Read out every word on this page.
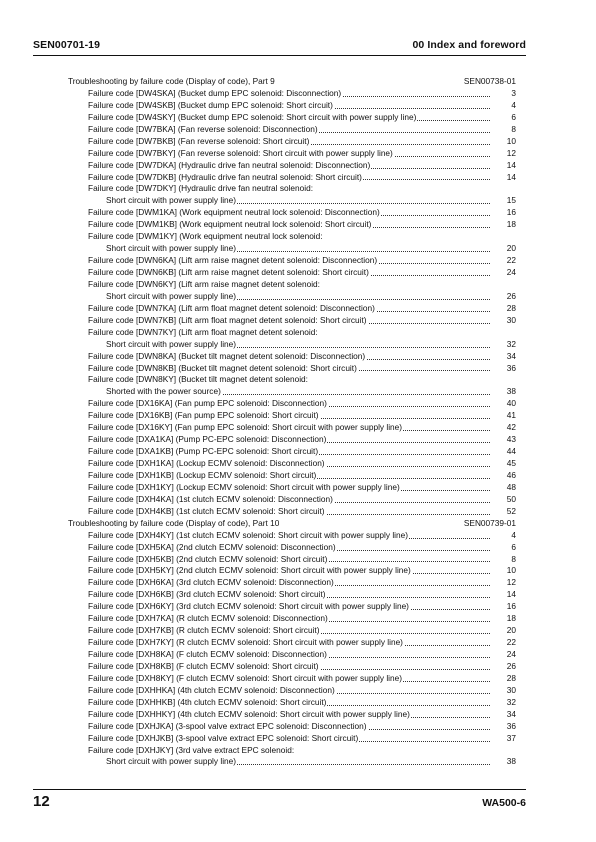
SEN00701-19	00 Index and foreword
Troubleshooting by failure code (Display of code), Part 9	SEN00738-01
Failure code [DW4SKA] (Bucket dump EPC solenoid: Disconnection)	3
Failure code [DW4SKB] (Bucket dump EPC solenoid: Short circuit)	4
Failure code [DW4SKY] (Bucket dump EPC solenoid: Short circuit with power supply line)	6
Failure code [DW7BKA] (Fan reverse solenoid: Disconnection)	8
Failure code [DW7BKB] (Fan reverse solenoid: Short circuit)	10
Failure code [DW7BKY] (Fan reverse solenoid: Short circuit with power supply line)	12
Failure code [DW7DKA] (Hydraulic drive fan neutral solenoid: Disconnection)	14
Failure code [DW7DKB] (Hydraulic drive fan neutral solenoid: Short circuit)	14
Failure code [DW7DKY] (Hydraulic drive fan neutral solenoid:
Short circuit with power supply line)	15
Failure code [DWM1KA] (Work equipment neutral lock solenoid: Disconnection)	16
Failure code [DWM1KB] (Work equipment neutral lock solenoid: Short circuit)	18
Failure code [DWM1KY] (Work equipment neutral lock solenoid:
Short circuit with power supply line)	20
Failure code [DWN6KA] (Lift arm raise magnet detent solenoid: Disconnection)	22
Failure code [DWN6KB] (Lift arm raise magnet detent solenoid: Short circuit)	24
Failure code [DWN6KY] (Lift arm raise magnet detent solenoid:
Short circuit with power supply line)	26
Failure code [DWN7KA] (Lift arm float magnet detent solenoid: Disconnection)	28
Failure code [DWN7KB] (Lift arm float magnet detent solenoid: Short circuit)	30
Failure code [DWN7KY] (Lift arm float magnet detent solenoid:
Short circuit with power supply line)	32
Failure code [DWN8KA] (Bucket tilt magnet detent solenoid: Disconnection)	34
Failure code [DWN8KB] (Bucket tilt magnet detent solenoid: Short circuit)	36
Failure code [DWN8KY] (Bucket tilt magnet detent solenoid:
Shorted with the power source)	38
Failure code [DX16KA] (Fan pump EPC solenoid: Disconnection)	40
Failure code [DX16KB] (Fan pump EPC solenoid: Short circuit)	41
Failure code [DX16KY] (Fan pump EPC solenoid: Short circuit with power supply line)	42
Failure code [DXA1KA] (Pump PC-EPC solenoid: Disconnection)	43
Failure code [DXA1KB] (Pump PC-EPC solenoid: Short circuit)	44
Failure code [DXH1KA] (Lockup ECMV solenoid: Disconnection)	45
Failure code [DXH1KB] (Lockup ECMV solenoid: Short circuit)	46
Failure code [DXH1KY] (Lockup ECMV solenoid: Short circuit with power supply line)	48
Failure code [DXH4KA] (1st clutch ECMV solenoid: Disconnection)	50
Failure code [DXH4KB] (1st clutch ECMV solenoid: Short circuit)	52
Troubleshooting by failure code (Display of code), Part 10	SEN00739-01
Failure code [DXH4KY] (1st clutch ECMV solenoid: Short circuit with power supply line)	4
Failure code [DXH5KA] (2nd clutch ECMV solenoid: Disconnection)	6
Failure code [DXH5KB] (2nd clutch ECMV solenoid: Short circuit)	8
Failure code [DXH5KY] (2nd clutch ECMV solenoid: Short circuit with power supply line)	10
Failure code [DXH6KA] (3rd clutch ECMV solenoid: Disconnection)	12
Failure code [DXH6KB] (3rd clutch ECMV solenoid: Short circuit)	14
Failure code [DXH6KY] (3rd clutch ECMV solenoid: Short circuit with power supply line)	16
Failure code [DXH7KA] (R clutch ECMV solenoid: Disconnection)	18
Failure code [DXH7KB] (R clutch ECMV solenoid: Short circuit)	20
Failure code [DXH7KY] (R clutch ECMV solenoid: Short circuit with power supply line)	22
Failure code [DXH8KA] (F clutch ECMV solenoid: Disconnection)	24
Failure code [DXH8KB] (F clutch ECMV solenoid: Short circuit)	26
Failure code [DXH8KY] (F clutch ECMV solenoid: Short circuit with power supply line)	28
Failure code [DXHHKA] (4th clutch ECMV solenoid: Disconnection)	30
Failure code [DXHHKB] (4th clutch ECMV solenoid: Short circuit)	32
Failure code [DXHHKY] (4th clutch ECMV solenoid: Short circuit with power supply line)	34
Failure code [DXHJKA] (3-spool valve extract EPC solenoid: Disconnection)	36
Failure code [DXHJKB] (3-spool valve extract EPC solenoid: Short circuit)	37
Failure code [DXHJKY] (3rd valve extract EPC solenoid:
Short circuit with power supply line)	38
12	WA500-6
